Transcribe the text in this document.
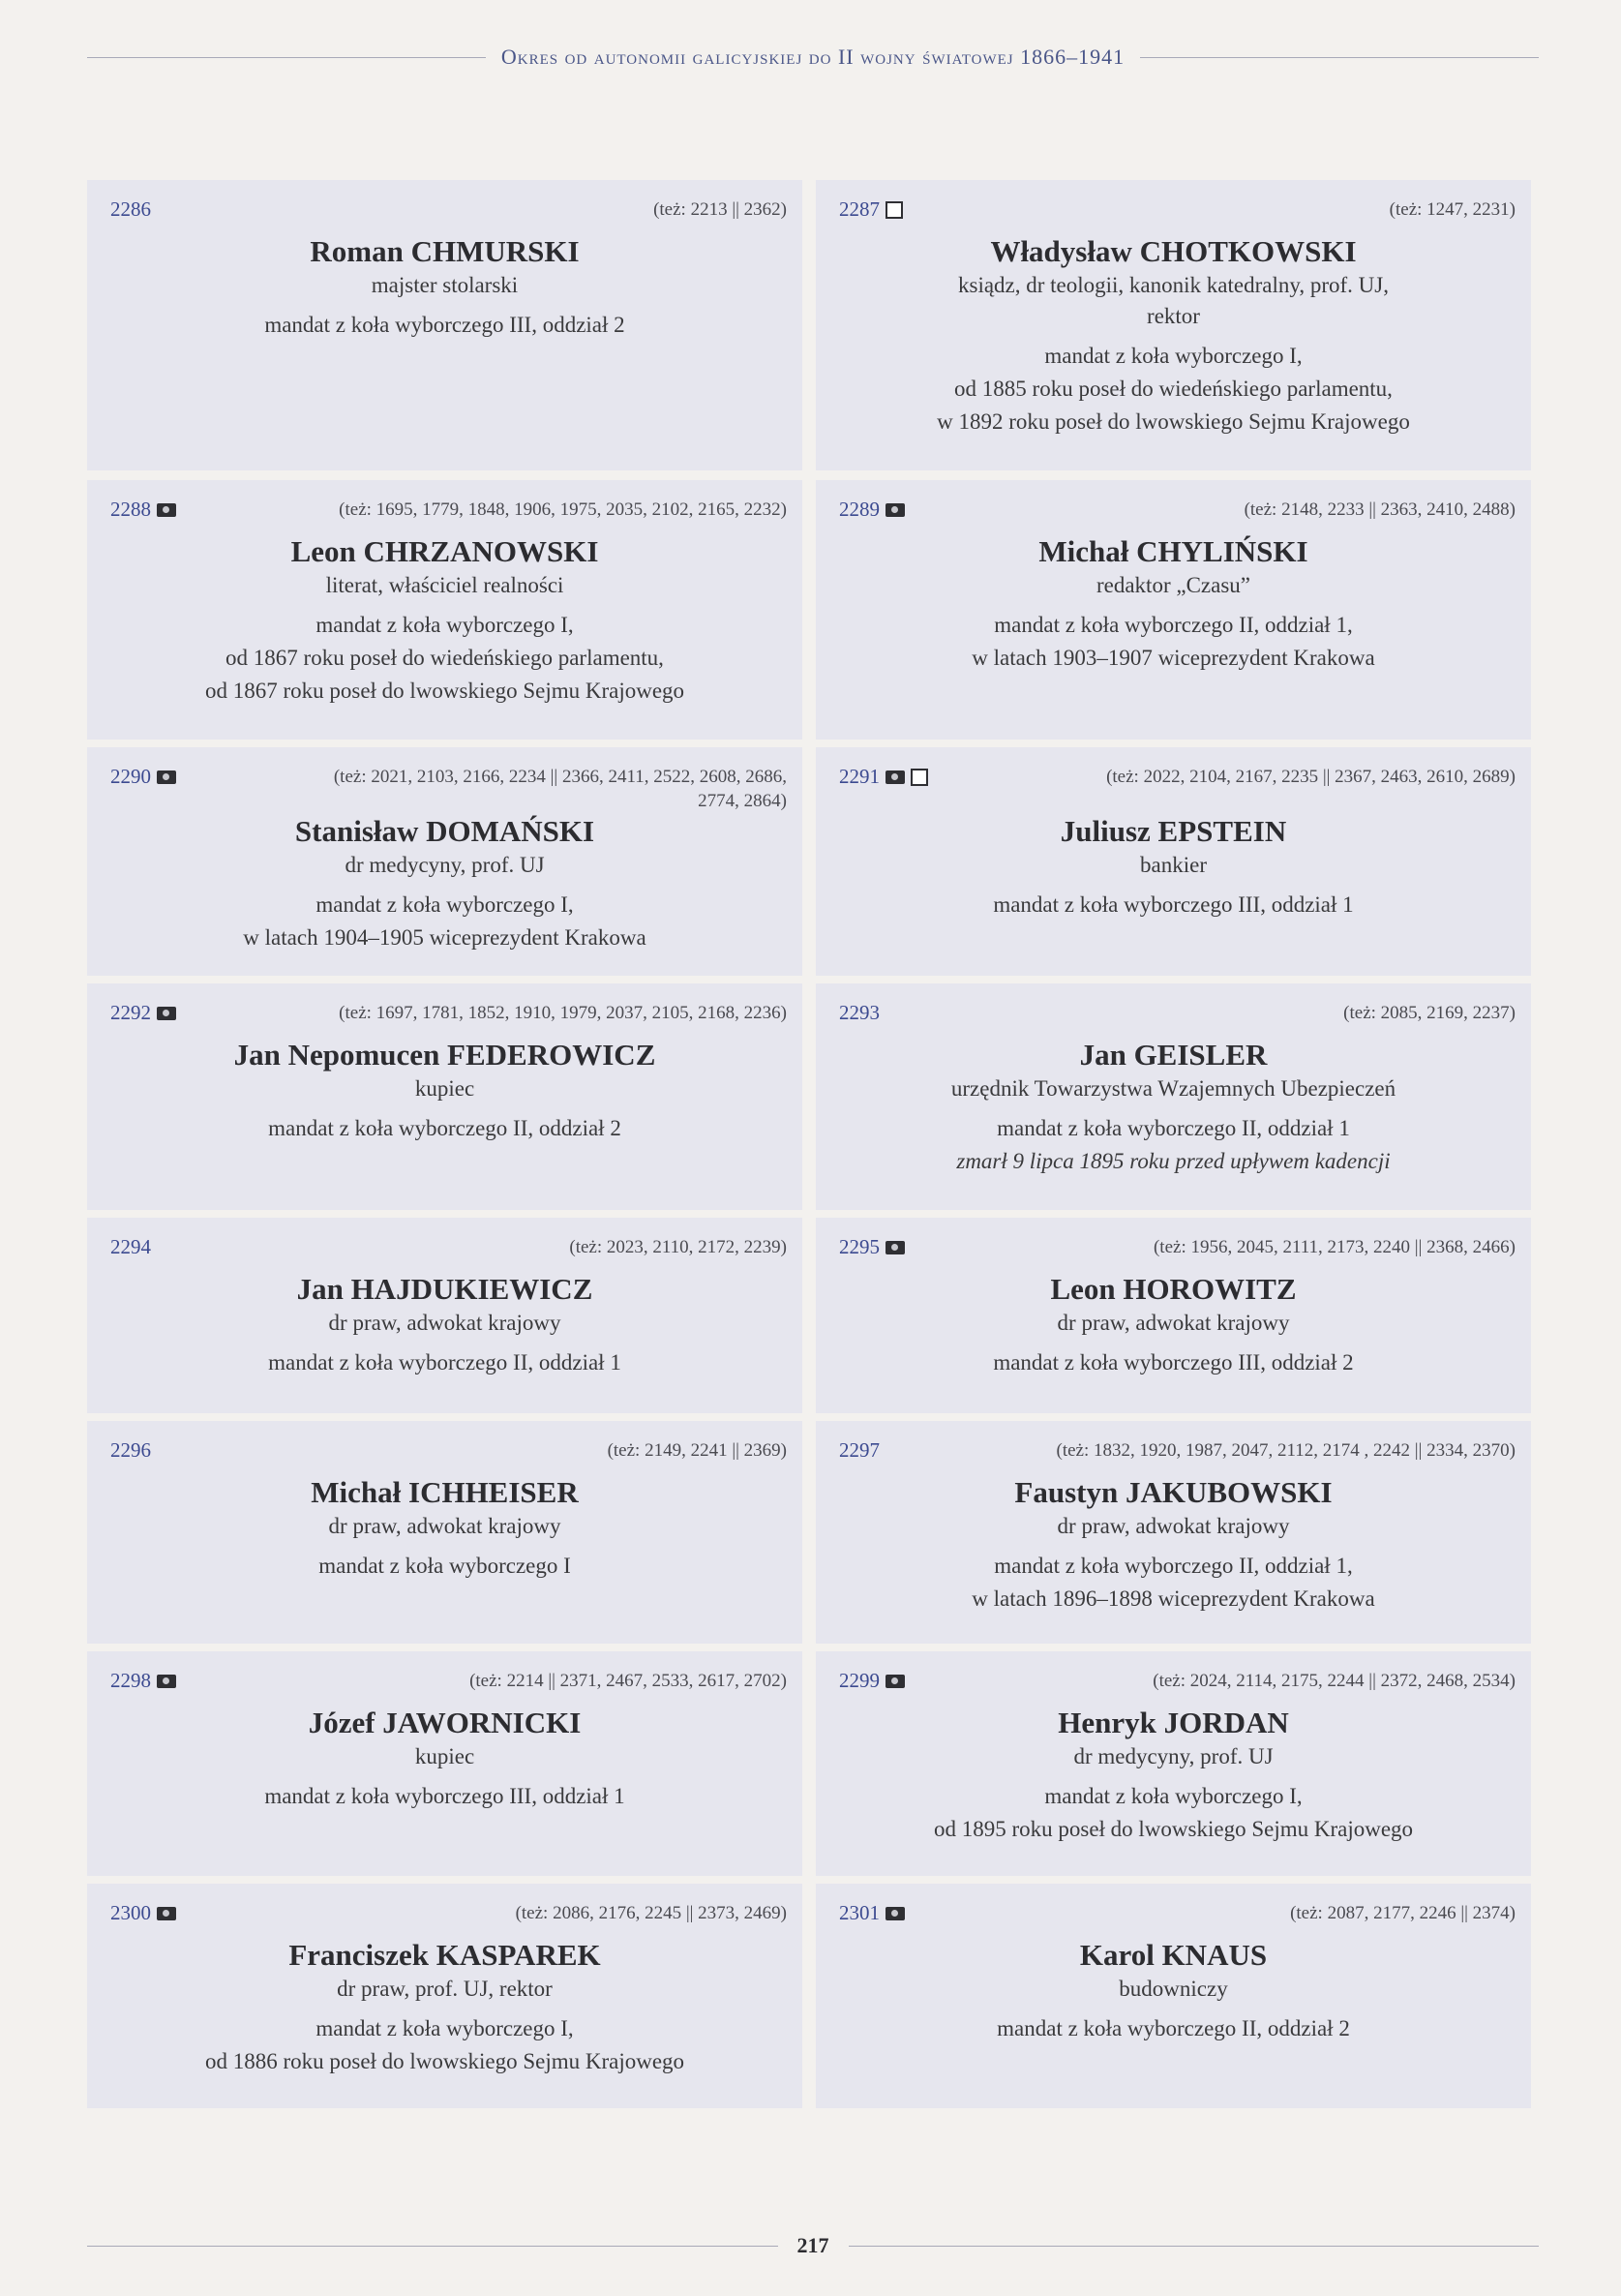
Okres od autonomii galicyjskiej do II wojny światowej 1866–1941
2286	(też: 2213 || 2362)
Roman CHMURSKI
majster stolarski
mandat z koła wyborczego III, oddział 2
2287	(też: 1247, 2231)
Władysław CHOTKOWSKI
ksiądz, dr teologii, kanonik katedralny, prof. UJ, rektor
mandat z koła wyborczego I,
od 1885 roku poseł do wiedeńskiego parlamentu,
w 1892 roku poseł do lwowskiego Sejmu Krajowego
2288	(też: 1695, 1779, 1848, 1906, 1975, 2035, 2102, 2165, 2232)
Leon CHRZANOWSKI
literat, właściciel realności
mandat z koła wyborczego I,
od 1867 roku poseł do wiedeńskiego parlamentu,
od 1867 roku poseł do lwowskiego Sejmu Krajowego
2289	(też: 2148, 2233 || 2363, 2410, 2488)
Michał CHYLIŃSKI
redaktor „Czasu”
mandat z koła wyborczego II, oddział 1,
w latach 1903–1907 wiceprezydent Krakowa
2290	(też: 2021, 2103, 2166, 2234 || 2366, 2411, 2522, 2608, 2686, 2774, 2864)
Stanisław DOMAŃSKI
dr medycyny, prof. UJ
mandat z koła wyborczego I,
w latach 1904–1905 wiceprezydent Krakowa
2291	(też: 2022, 2104, 2167, 2235 || 2367, 2463, 2610, 2689)
Juliusz EPSTEIN
bankier
mandat z koła wyborczego III, oddział 1
2292	(też: 1697, 1781, 1852, 1910, 1979, 2037, 2105, 2168, 2236)
Jan Nepomucen FEDEROWICZ
kupiec
mandat z koła wyborczego II, oddział 2
2293	(też: 2085, 2169, 2237)
Jan GEISLER
urzędnik Towarzystwa Wzajemnych Ubezpieczeń
mandat z koła wyborczego II, oddział 1
zmarł 9 lipca 1895 roku przed upływem kadencji
2294	(też: 2023, 2110, 2172, 2239)
Jan HAJDUKIEWICZ
dr praw, adwokat krajowy
mandat z koła wyborczego II, oddział 1
2295	(też: 1956, 2045, 2111, 2173, 2240 || 2368, 2466)
Leon HOROWITZ
dr praw, adwokat krajowy
mandat z koła wyborczego III, oddział 2
2296	(też: 2149, 2241 || 2369)
Michał ICHHEISER
dr praw, adwokat krajowy
mandat z koła wyborczego I
2297	(też: 1832, 1920, 1987, 2047, 2112, 2174 , 2242 || 2334, 2370)
Faustyn JAKUBOWSKI
dr praw, adwokat krajowy
mandat z koła wyborczego II, oddział 1,
w latach 1896–1898 wiceprezydent Krakowa
2298	(też: 2214 || 2371, 2467, 2533, 2617, 2702)
Józef JAWORNICKI
kupiec
mandat z koła wyborczego III, oddział 1
2299	(też: 2024, 2114, 2175, 2244 || 2372, 2468, 2534)
Henryk JORDAN
dr medycyny, prof. UJ
mandat z koła wyborczego I,
od 1895 roku poseł do lwowskiego Sejmu Krajowego
2300	(też: 2086, 2176, 2245 || 2373, 2469)
Franciszek KASPAREK
dr praw, prof. UJ, rektor
mandat z koła wyborczego I,
od 1886 roku poseł do lwowskiego Sejmu Krajowego
2301	(też: 2087, 2177, 2246 || 2374)
Karol KNAUS
budowniczy
mandat z koła wyborczego II, oddział 2
217
